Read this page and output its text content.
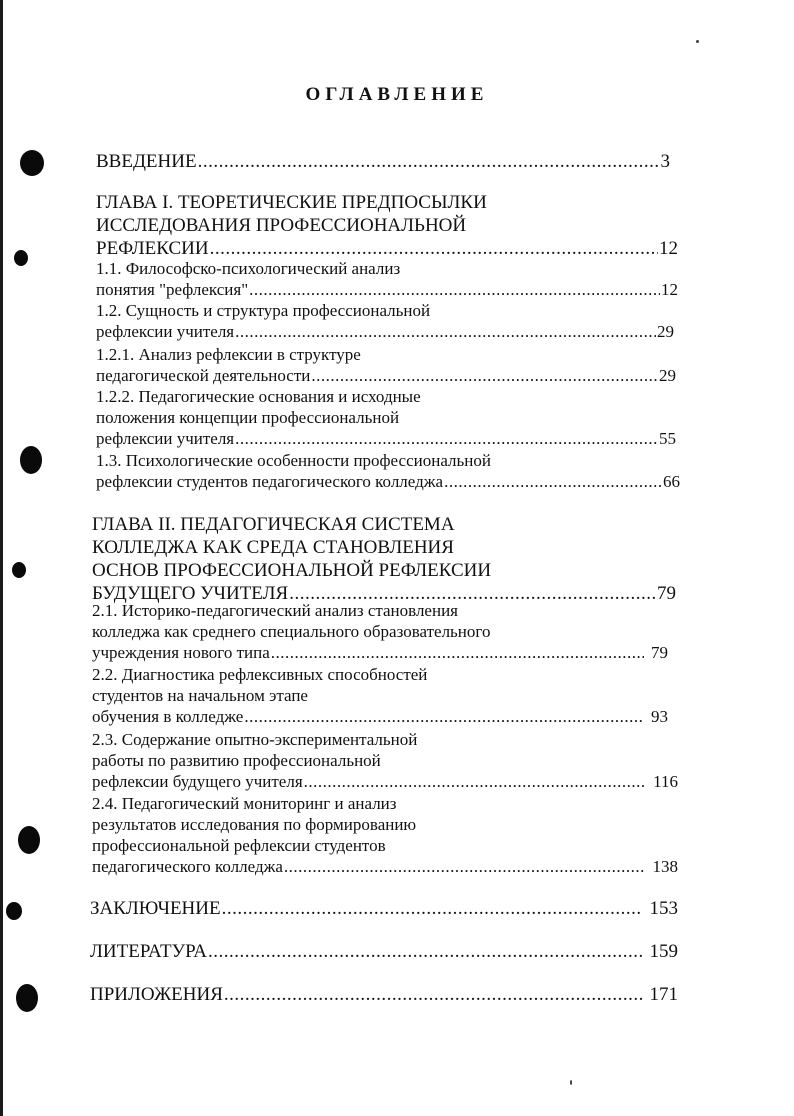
ОГЛАВЛЕНИЕ
ВВЕДЕНИЕ .....	3
ГЛАВА I. ТЕОРЕТИЧЕСКИЕ ПРЕДПОСЫЛКИ
ИССЛЕДОВАНИЯ ПРОФЕССИОНАЛЬНОЙ
РЕФЛЕКСИИ .....	12
1.1. Философско-психологический анализ
понятия "рефлексия" .....	12
1.2. Сущность и структура профессиональной
рефлексии учителя .....	29
1.2.1. Анализ рефлексии в структуре
педагогической деятельности .....	29
1.2.2. Педагогические основания и исходные
положения концепции профессиональной
рефлексии учителя .....	55
1.3. Психологические особенности профессиональной
рефлексии студентов педагогического колледжа .....	66
ГЛАВА II. ПЕДАГОГИЧЕСКАЯ СИСТЕМА
КОЛЛЕДЖА КАК СРЕДА СТАНОВЛЕНИЯ
ОСНОВ ПРОФЕССИОНАЛЬНОЙ РЕФЛЕКСИИ
БУДУЩЕГО УЧИТЕЛЯ .....	79
2.1. Историко-педагогический анализ становления
колледжа как среднего специального образовательного
учреждения нового типа .....	79
2.2. Диагностика рефлексивных способностей
студентов на начальном этапе
обучения в колледже .....	93
2.3. Содержание опытно-экспериментальной
работы по развитию профессиональной
рефлексии будущего учителя .....	116
2.4. Педагогический мониторинг и анализ
результатов исследования по формированию
профессиональной рефлексии студентов
педагогического колледжа .....	138
ЗАКЛЮЧЕНИЕ .....	153
ЛИТЕРАТУРА .....	159
ПРИЛОЖЕНИЯ .....	171
